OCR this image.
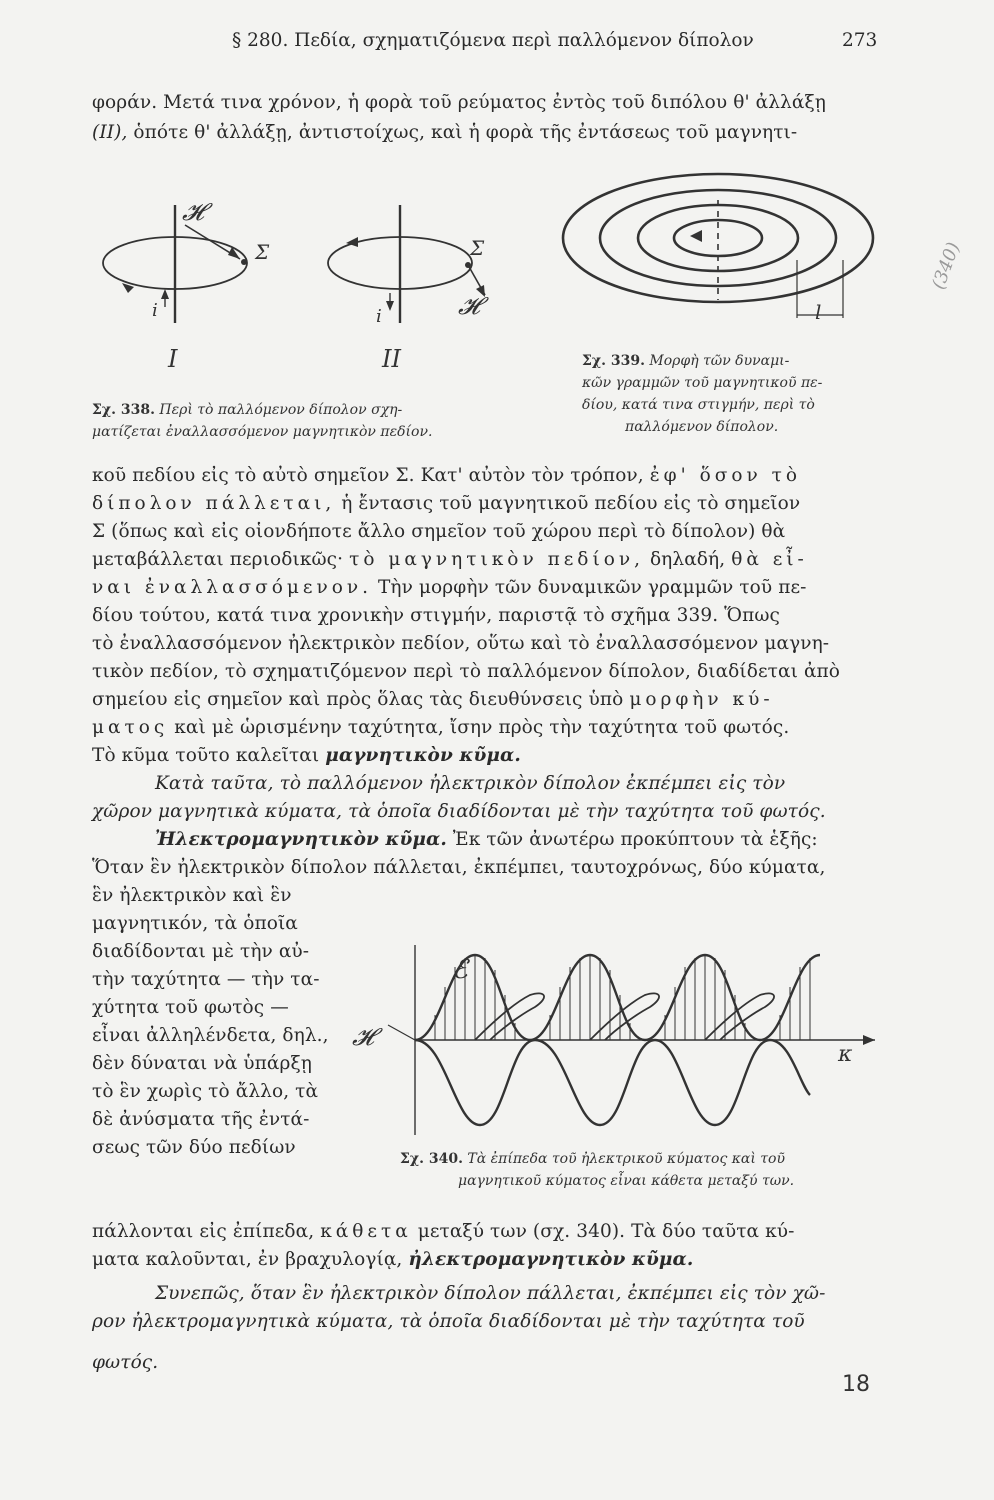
§ 280. Πεδία, σχηματιζόμενα περὶ παλλόμενον δίπολον	273
φοράν. Μετά τινα χρόνον, ἡ φορὰ τοῦ ρεύματος ἐντὸς τοῦ διπόλου θ' ἀλλάξῃ
(II), ὁπότε θ' ἀλλάξῃ, ἀντιστοίχως, καὶ ἡ φορὰ τῆς ἐντάσεως τοῦ μαγνητι-
𝓗
Σ
i
Σ
𝓗
i
I	II
Σχ. 338. Περὶ τὸ παλλόμενον δίπολον σχη-
ματίζεται ἐναλλασσόμενον μαγνητικὸν πεδίον.
l
Σχ. 339. Μορφὴ τῶν δυναμι-
κῶν γραμμῶν τοῦ μαγνητικοῦ πε-
δίου, κατά τινα στιγμήν, περὶ τὸ
παλλόμενον δίπολον.
κοῦ πεδίου εἰς τὸ αὐτὸ σημεῖον Σ. Κατ' αὐτὸν τὸν τρόπον, ἐφ' ὅσον τὸ
δίπολον πάλλεται, ἡ ἔντασις τοῦ μαγνητικοῦ πεδίου εἰς τὸ σημεῖον
Σ (ὅπως καὶ εἰς οἱονδήποτε ἄλλο σημεῖον τοῦ χώρου περὶ τὸ δίπολον) θὰ
μεταβάλλεται περιοδικῶς· τὸ μαγνητικὸν πεδίον, δηλαδή, θὰ εἶ-
ναι ἐναλλασσόμενον. Τὴν μορφὴν τῶν δυναμικῶν γραμμῶν τοῦ πε-
δίου τούτου, κατά τινα χρονικὴν στιγμήν, παριστᾷ τὸ σχῆμα 339. Ὅπως
τὸ ἐναλλασσόμενον ἠλεκτρικὸν πεδίον, οὕτω καὶ τὸ ἐναλλασσόμενον μαγνη-
τικὸν πεδίον, τὸ σχηματιζόμενον περὶ τὸ παλλόμενον δίπολον, διαδίδεται ἀπὸ
σημείου εἰς σημεῖον καὶ πρὸς ὅλας τὰς διευθύνσεις ὑπὸ μορφὴν κύ-
ματος καὶ μὲ ὡρισμένην ταχύτητα, ἴσην πρὸς τὴν ταχύτητα τοῦ φωτός.
Τὸ κῦμα τοῦτο καλεῖται μαγνητικὸν κῦμα.
Κατὰ ταῦτα, τὸ παλλόμενον ἠλεκτρικὸν δίπολον ἐκπέμπει εἰς τὸν
χῶρον μαγνητικὰ κύματα, τὰ ὁποῖα διαδίδονται μὲ τὴν ταχύτητα τοῦ φωτός.
Ἠλεκτρομαγνητικὸν κῦμα. Ἐκ τῶν ἀνωτέρω προκύπτουν τὰ ἑξῆς:
Ὅταν ἓν ἠλεκτρικὸν δίπολον πάλλεται, ἐκπέμπει, ταυτοχρόνως, δύο κύματα,
ἓν ἠλεκτρικὸν καὶ ἓν
μαγνητικόν, τὰ ὁποῖα
διαδίδονται μὲ τὴν αὐ-
τὴν ταχύτητα — τὴν τα-
χύτητα τοῦ φωτὸς —
εἶναι ἀλληλένδετα, δηλ.,
δὲν δύναται νὰ ὑπάρξῃ
τὸ ἓν χωρὶς τὸ ἄλλο, τὰ
δὲ ἀνύσματα τῆς ἐντά-
σεως τῶν δύο πεδίων
ℰ
𝓗
κ
Σχ. 340. Τὰ ἐπίπεδα τοῦ ἠλεκτρικοῦ κύματος καὶ τοῦ
μαγνητικοῦ κύματος εἶναι κάθετα μεταξύ των.
πάλλονται εἰς ἐπίπεδα, κάθετα μεταξύ των (σχ. 340). Τὰ δύο ταῦτα κύ-
ματα καλοῦνται, ἐν βραχυλογίᾳ, ἠλεκτρομαγνητικὸν κῦμα.
Συνεπῶς, ὅταν ἓν ἠλεκτρικὸν δίπολον πάλλεται, ἐκπέμπει εἰς τὸν χῶ-
ρον ἠλεκτρομαγνητικὰ κύματα, τὰ ὁποῖα διαδίδονται μὲ τὴν ταχύτητα τοῦ
φωτός.
18
(340)
